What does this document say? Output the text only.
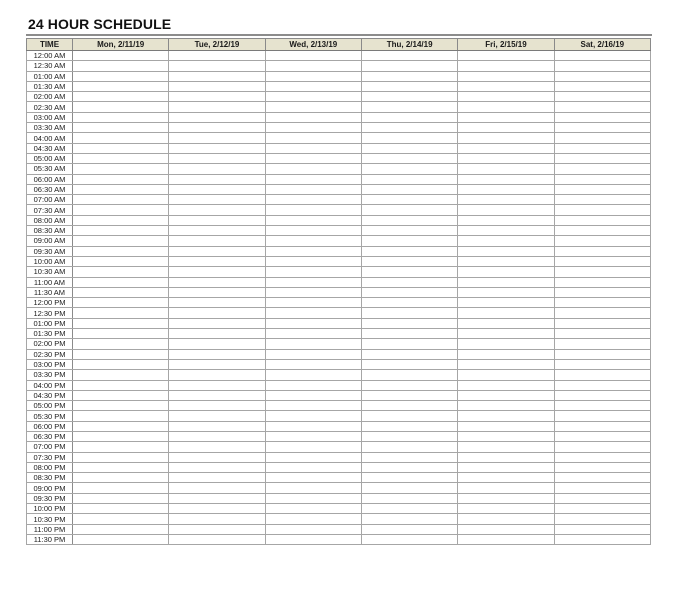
24 HOUR SCHEDULE
TIME	Mon, 2/11/19	Tue, 2/12/19	Wed, 2/13/19	Thu, 2/14/19	Fri, 2/15/19	Sat, 2/16/19
12:00 AM						
12:30 AM						
01:00 AM						
01:30 AM						
02:00 AM						
02:30 AM						
03:00 AM						
03:30 AM						
04:00 AM						
04:30 AM						
05:00 AM						
05:30 AM						
06:00 AM						
06:30 AM						
07:00 AM						
07:30 AM						
08:00 AM						
08:30 AM						
09:00 AM						
09:30 AM						
10:00 AM						
10:30 AM						
11:00 AM						
11:30 AM						
12:00 PM						
12:30 PM						
01:00 PM						
01:30 PM						
02:00 PM						
02:30 PM						
03:00 PM						
03:30 PM						
04:00 PM						
04:30 PM						
05:00 PM						
05:30 PM						
06:00 PM						
06:30 PM						
07:00 PM						
07:30 PM						
08:00 PM						
08:30 PM						
09:00 PM						
09:30 PM						
10:00 PM						
10:30 PM						
11:00 PM						
11:30 PM						
